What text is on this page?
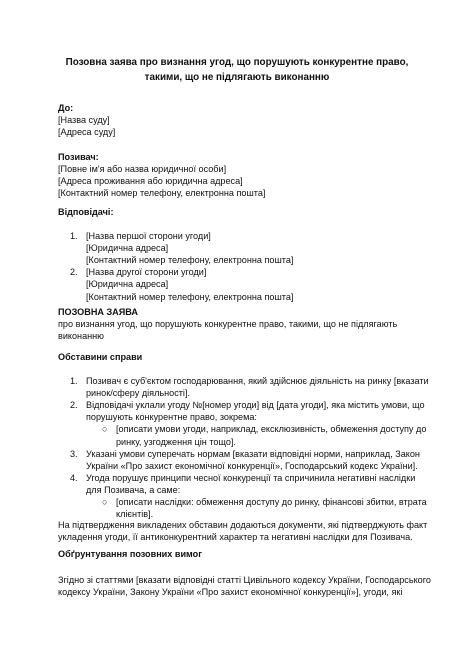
Позовна заява про визнання угод, що порушують конкурентне право,
такими, що не підлягають виконанню
До:
[Назва суду]
[Адреса суду]
Позивач:
[Повне ім'я або назва юридичної особи]
[Адреса проживання або юридична адреса]
[Контактний номер телефону, електронна пошта]
Відповідачі:
1. [Назва першої сторони угоди]
[Юридична адреса]
[Контактний номер телефону, електронна пошта]
2. [Назва другої сторони угоди]
[Юридична адреса]
[Контактний номер телефону, електронна пошта]
ПОЗОВНА ЗАЯВА
про визнання угод, що порушують конкурентне право, такими, що не підлягають
виконанню
Обставини справи
1. Позивач є суб'єктом господарювання, який здійснює діяльність на ринку [вказати
ринок/сферу діяльності].
2. Відповідачі уклали угоду №[номер угоди] від [дата угоди], яка містить умови, що
порушують конкурентне право, зокрема:
○ [описати умови угоди, наприклад, ексклюзивність, обмеження доступу до
ринку, узгодження цін тощо].
3. Указані умови суперечать нормам [вказати відповідні норми, наприклад, Закон
України «Про захист економічної конкуренції», Господарський кодекс України].
4. Угода порушує принципи чесної конкуренції та спричинила негативні наслідки
для Позивача, а саме:
○ [описати наслідки: обмеження доступу до ринку, фінансові збитки, втрата
клієнтів].
На підтвердження викладених обставин додаються документи, які підтверджують факт
укладення угоди, її антиконкурентний характер та негативні наслідки для Позивача.
Обґрунтування позовних вимог
Згідно зі статтями [вказати відповідні статті Цивільного кодексу України, Господарського
кодексу України, Закону України «Про захист економічної конкуренції»], угоди, які
